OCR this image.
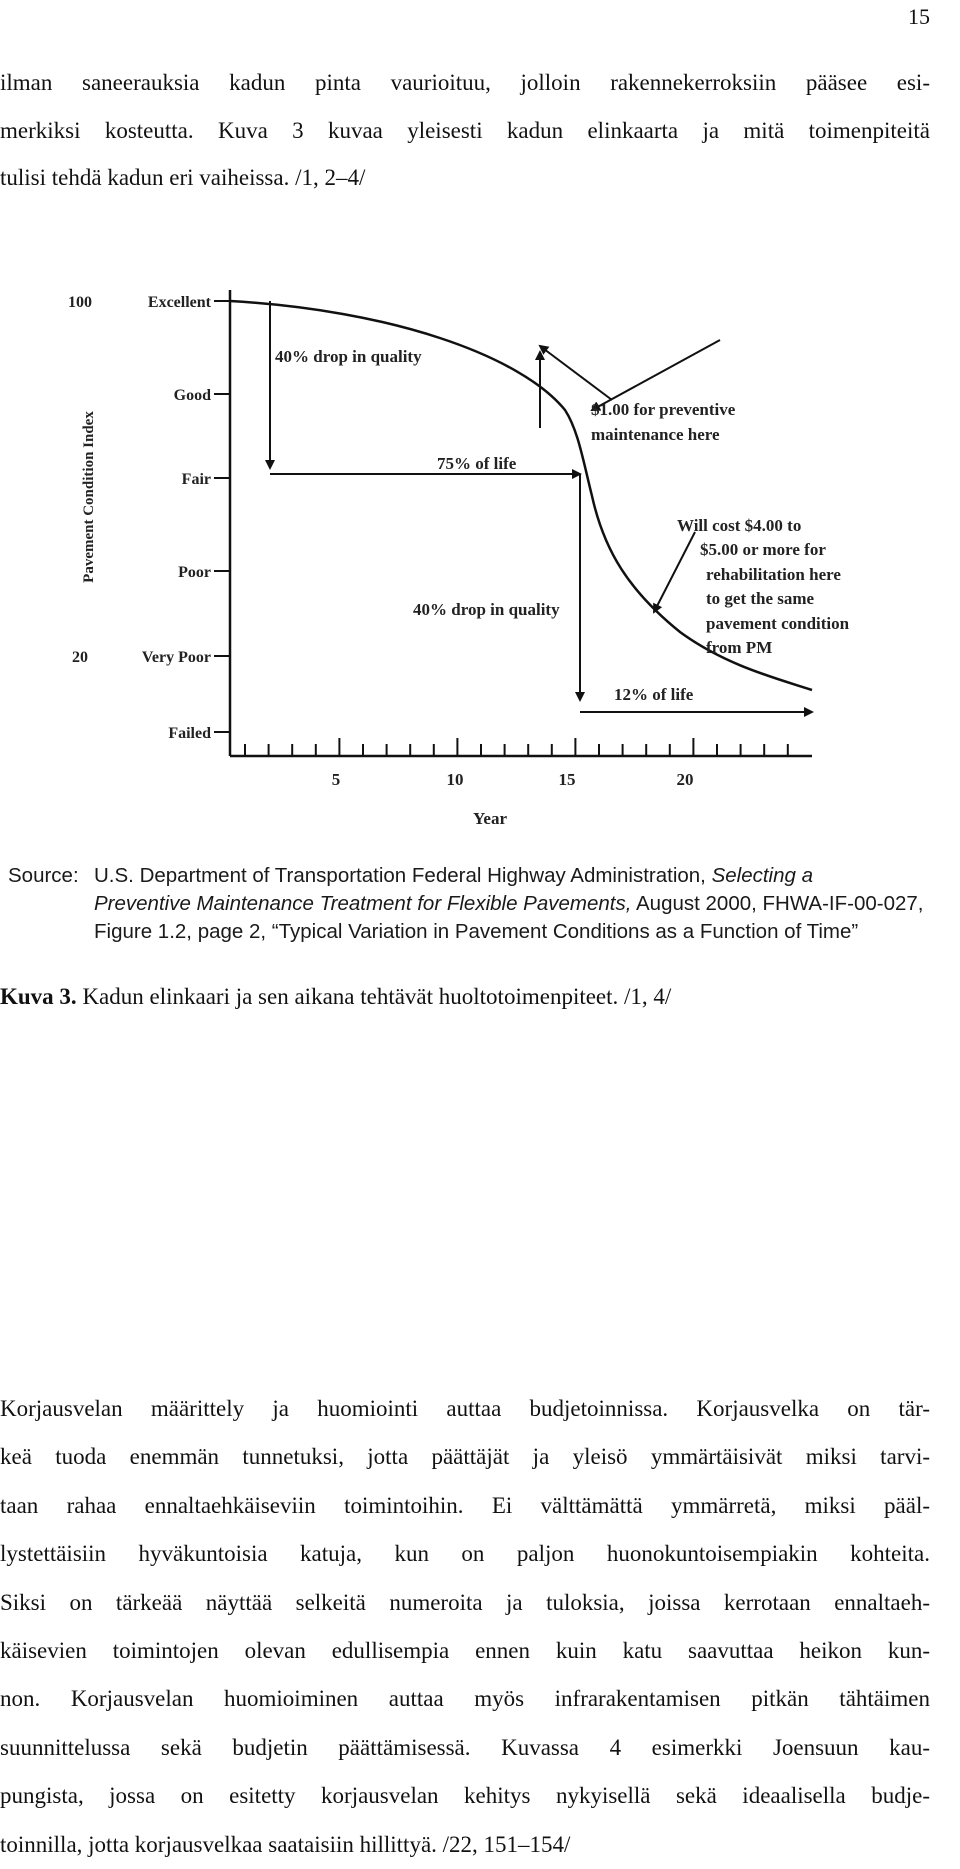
15
ilman saneerauksia kadun pinta vaurioituu, jolloin rakennekerroksiin pääsee esi-
merkiksi kosteutta. Kuva 3 kuvaa yleisesti kadun elinkaarta ja mitä toimenpiteitä
tulisi tehdä kadun eri vaiheissa. /1, 2–4/
Pavement Condition Index
100
20
Excellent
Good
Fair
Poor
Very Poor
Failed
5	10	15	20
Year
40% drop in quality
75% of life
40% drop in quality
12% of life
$1.00 for preventive maintenance here
Will cost $4.00 to $5.00 or more for rehabilitation here to get the same pavement condition from PM
Source: U.S. Department of Transportation Federal Highway Administration, Selecting a
Preventive Maintenance Treatment for Flexible Pavements, August 2000, FHWA-IF-00-027,
Figure 1.2, page 2, “Typical Variation in Pavement Conditions as a Function of Time”
Kuva 3. Kadun elinkaari ja sen aikana tehtävät huoltotoimenpiteet. /1, 4/
Korjausvelan määrittely ja huomiointi auttaa budjetoinnissa. Korjausvelka on tär-
keä tuoda enemmän tunnetuksi, jotta päättäjät ja yleisö ymmärtäisivät miksi tarvi-
taan rahaa ennaltaehkäiseviin toimintoihin. Ei välttämättä ymmärretä, miksi pääl-
lystettäisiin hyväkuntoisia katuja, kun on paljon huonokuntoisempiakin kohteita.
Siksi on tärkeää näyttää selkeitä numeroita ja tuloksia, joissa kerrotaan ennaltaeh-
käisevien toimintojen olevan edullisempia ennen kuin katu saavuttaa heikon kun-
non. Korjausvelan huomioiminen auttaa myös infrarakentamisen pitkän tähtäimen
suunnittelussa sekä budjetin päättämisessä. Kuvassa 4 esimerkki Joensuun kau-
pungista, jossa on esitetty korjausvelan kehitys nykyisellä sekä ideaalisella budje-
toinnilla, jotta korjausvelkaa saataisiin hillittyä. /22, 151–154/
